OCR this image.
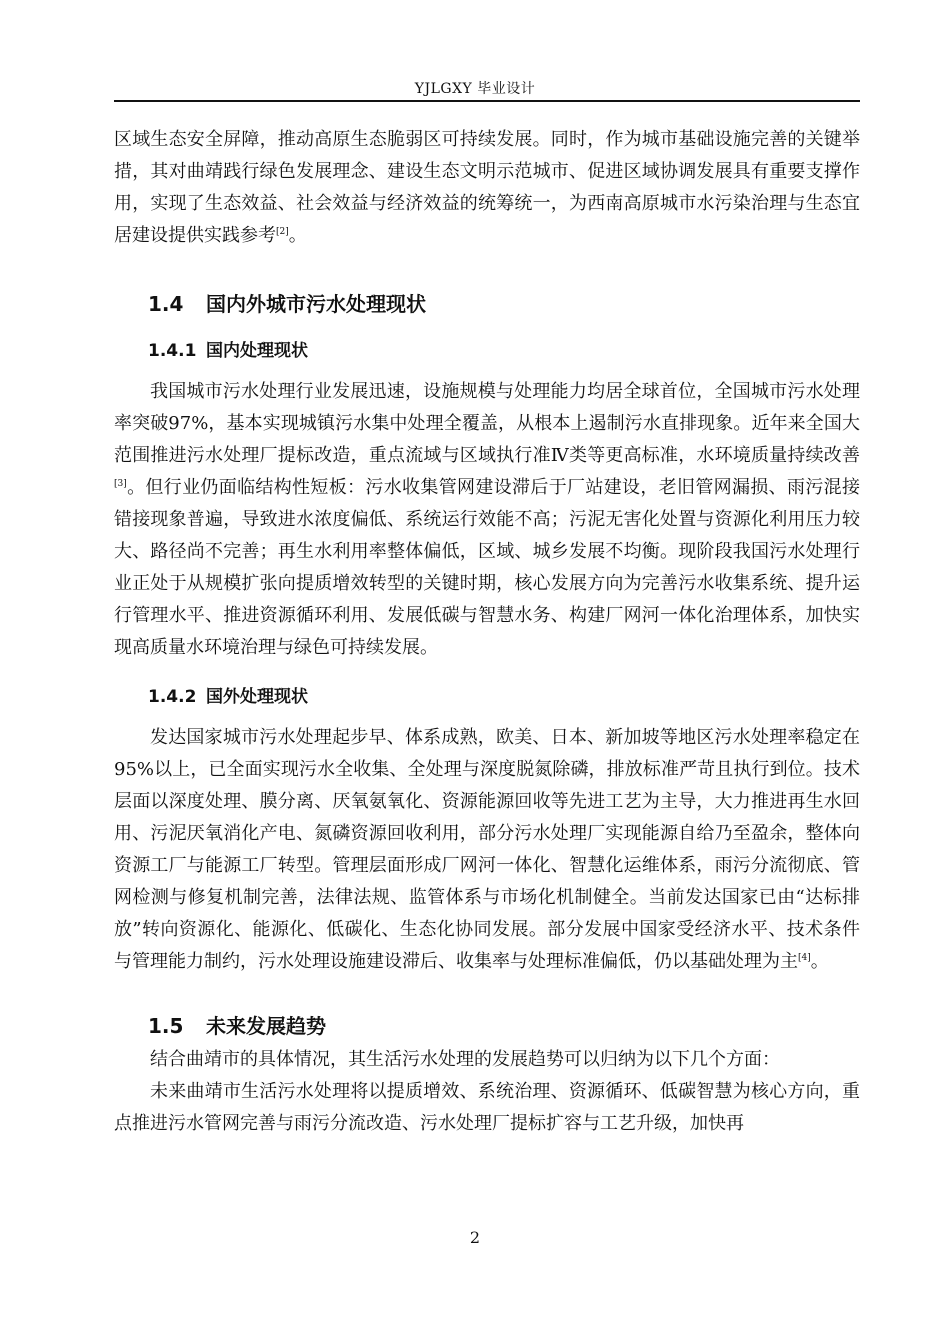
YJLGXY 毕业设计

区域生态安全屏障，推动高原生态脆弱区可持续发展。同时，作为城市基础设施完善的关键举措，其对曲靖践行绿色发展理念、建设生态文明示范城市、促进区域协调发展具有重要支撑作用，实现了生态效益、社会效益与经济效益的统筹统一，为西南高原城市水污染治理与生态宜居建设提供实践参考[2]。

1.4 国内外城市污水处理现状
1.4.1 国内处理现状

我国城市污水处理行业发展迅速，设施规模与处理能力均居全球首位，全国城市污水处理率突破97%，基本实现城镇污水集中处理全覆盖，从根本上遏制污水直排现象。近年来全国大范围推进污水处理厂提标改造，重点流域与区域执行准Ⅳ类等更高标准，水环境质量持续改善[3]。但行业仍面临结构性短板：污水收集管网建设滞后于厂站建设，老旧管网漏损、雨污混接错接现象普遍，导致进水浓度偏低、系统运行效能不高；污泥无害化处置与资源化利用压力较大、路径尚不完善；再生水利用率整体偏低，区域、城乡发展不均衡。现阶段我国污水处理行业正处于从规模扩张向提质增效转型的关键时期，核心发展方向为完善污水收集系统、提升运行管理水平、推进资源循环利用、发展低碳与智慧水务、构建厂网河一体化治理体系，加快实现高质量水环境治理与绿色可持续发展。

1.4.2 国外处理现状

发达国家城市污水处理起步早、体系成熟，欧美、日本、新加坡等地区污水处理率稳定在95%以上，已全面实现污水全收集、全处理与深度脱氮除磷，排放标准严苛且执行到位。技术层面以深度处理、膜分离、厌氧氨氧化、资源能源回收等先进工艺为主导，大力推进再生水回用、污泥厌氧消化产电、氮磷资源回收利用，部分污水处理厂实现能源自给乃至盈余，整体向资源工厂与能源工厂转型。管理层面形成厂网河一体化、智慧化运维体系，雨污分流彻底、管网检测与修复机制完善，法律法规、监管体系与市场化机制健全。当前发达国家已由“达标排放”转向资源化、能源化、低碳化、生态化协同发展。部分发展中国家受经济水平、技术条件与管理能力制约，污水处理设施建设滞后、收集率与处理标准偏低，仍以基础处理为主[4]。

1.5 未来发展趋势

结合曲靖市的具体情况，其生活污水处理的发展趋势可以归纳为以下几个方面：

未来曲靖市生活污水处理将以提质增效、系统治理、资源循环、低碳智慧为核心方向，重点推进污水管网完善与雨污分流改造、污水处理厂提标扩容与工艺升级，加快再

2
